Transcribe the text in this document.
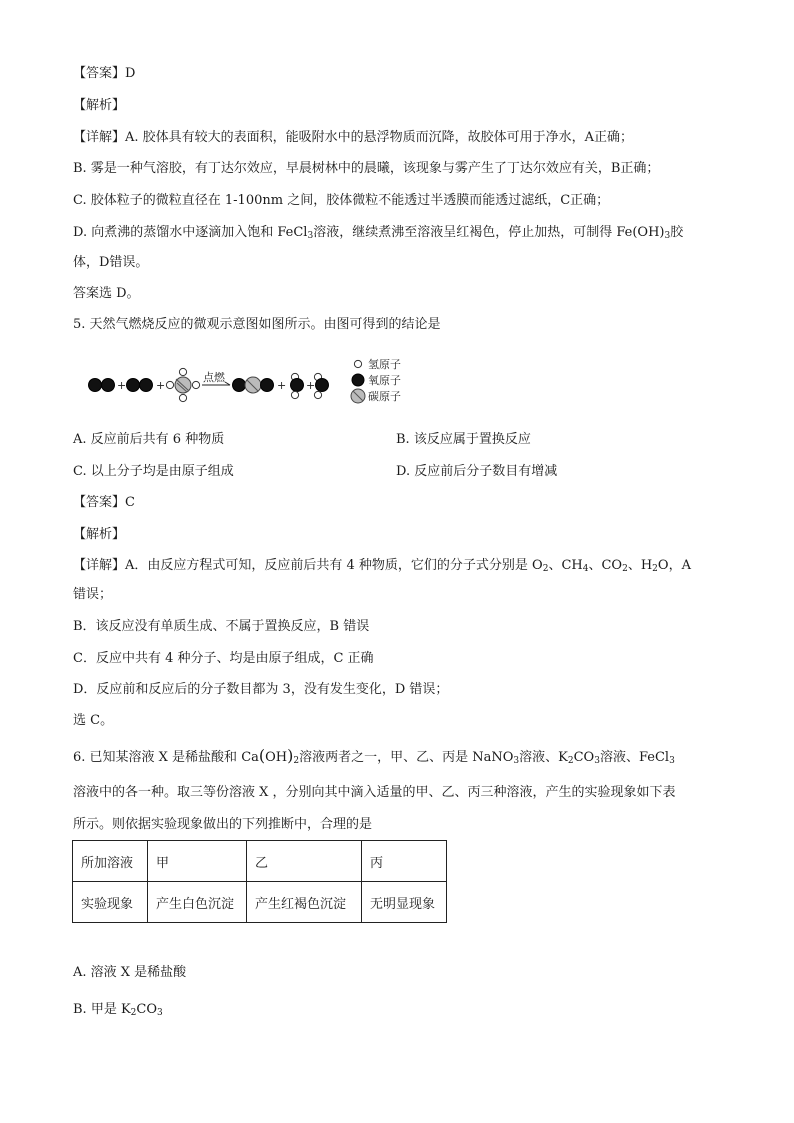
【答案】D
【解析】
【详解】A. 胶体具有较大的表面积，能吸附水中的悬浮物质而沉降，故胶体可用于净水，A正确；
B. 雾是一种气溶胶，有丁达尔效应，早晨树林中的晨曦，该现象与雾产生了丁达尔效应有关，B正确；
C. 胶体粒子的微粒直径在 1-100nm 之间，胶体微粒不能透过半透膜而能透过滤纸，C正确；
D. 向煮沸的蒸馏水中逐滴加入饱和 FeCl$_3$溶液，继续煮沸至溶液呈红褐色，停止加热，可制得 $Fe(OH)_3$胶
体，D错误。
答案选 D。
5. 天然气燃烧反应的微观示意图如图所示。由图可得到的结论是
+	+
点燃
+ +
氢原子
氧原子
碳原子
A. 反应前后共有 6 种物质	B. 该反应属于置换反应
C. 以上分子均是由原子组成	D. 反应前后分子数目有增减
【答案】C
【解析】
【详解】A．由反应方程式可知，反应前后共有 4 种物质，它们的分子式分别是 $O_2$、$CH_4$、$CO_2$、$H_2O$，A
错误；
B．该反应没有单质生成、不属于置换反应，B 错误
C．反应中共有 4 种分子、均是由原子组成，C 正确
D．反应前和反应后的分子数目都为 3，没有发生变化，D 错误；
选 C。
6. 已知某溶液 X 是稀盐酸和 $Ca(OH)_2$溶液两者之一，甲、乙、丙是 NaNO$_3$溶液、$K_2CO_3$溶液、FeCl$_3$
溶液中的各一种。取三等份溶液 X ，分别向其中滴入适量的甲、乙、丙三种溶液，产生的实验现象如下表
所示。则依据实验现象做出的下列推断中，合理的是
所加溶液	甲	乙	丙
实验现象	产生白色沉淀	产生红褐色沉淀	无明显现象
A. 溶液 X 是稀盐酸
B. 甲是 $K_2CO_3$
